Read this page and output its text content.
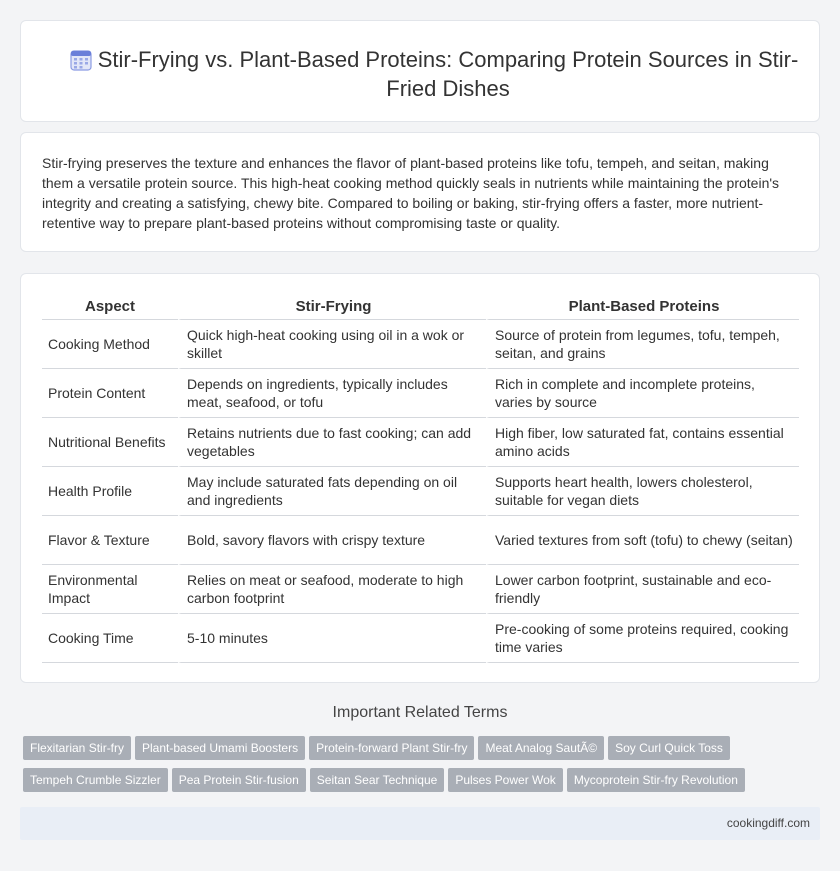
Stir-Frying vs. Plant-Based Proteins: Comparing Protein Sources in Stir-Fried Dishes

Stir-frying preserves the texture and enhances the flavor of plant-based proteins like tofu, tempeh, and seitan, making them a versatile protein source. This high-heat cooking method quickly seals in nutrients while maintaining the protein's integrity and creating a satisfying, chewy bite. Compared to boiling or baking, stir-frying offers a faster, more nutrient-retentive way to prepare plant-based proteins without compromising taste or quality.

Aspect	Stir-Frying	Plant-Based Proteins
Cooking Method	Quick high-heat cooking using oil in a wok or skillet	Source of protein from legumes, tofu, tempeh, seitan, and grains
Protein Content	Depends on ingredients, typically includes meat, seafood, or tofu	Rich in complete and incomplete proteins, varies by source
Nutritional Benefits	Retains nutrients due to fast cooking; can add vegetables	High fiber, low saturated fat, contains essential amino acids
Health Profile	May include saturated fats depending on oil and ingredients	Supports heart health, lowers cholesterol, suitable for vegan diets
Flavor & Texture	Bold, savory flavors with crispy texture	Varied textures from soft (tofu) to chewy (seitan)
Environmental Impact	Relies on meat or seafood, moderate to high carbon footprint	Lower carbon footprint, sustainable and eco-friendly
Cooking Time	5-10 minutes	Pre-cooking of some proteins required, cooking time varies
Important Related Terms
Flexitarian Stir-fry Plant-based Umami Boosters Protein-forward Plant Stir-fry Meat Analog SautÃ© Soy Curl Quick Toss
Tempeh Crumble Sizzler Pea Protein Stir-fusion Seitan Sear Technique Pulses Power Wok Mycoprotein Stir-fry Revolution
cookingdiff.com
